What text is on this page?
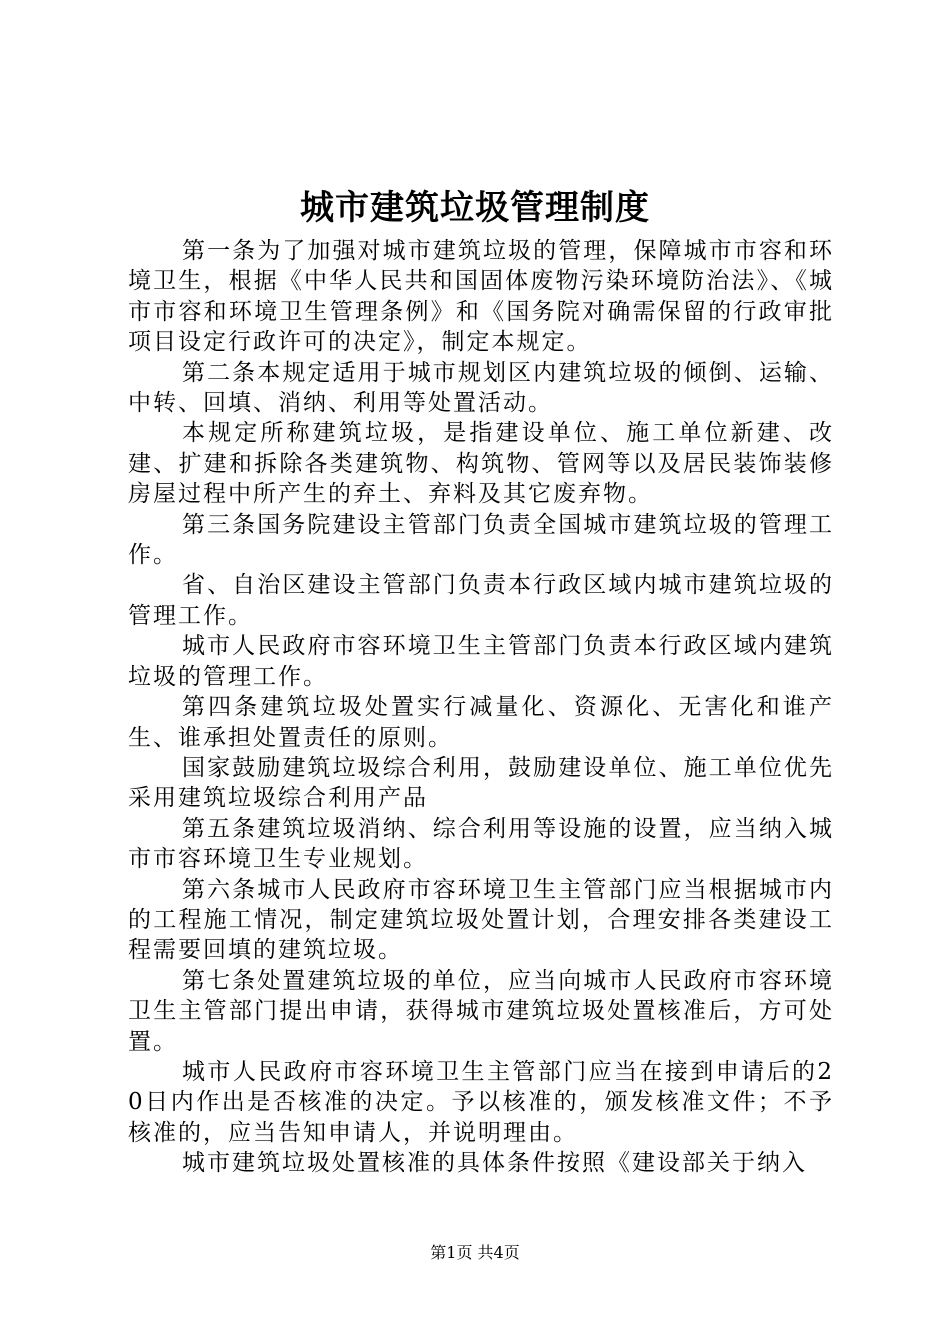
城市建筑垃圾管理制度

第一条为了加强对城市建筑垃圾的管理，保障城市市容和环境卫生，根据《中华人民共和国固体废物污染环境防治法》、《城市市容和环境卫生管理条例》和《国务院对确需保留的行政审批项目设定行政许可的决定》，制定本规定。

第二条本规定适用于城市规划区内建筑垃圾的倾倒、运输、中转、回填、消纳、利用等处置活动。

本规定所称建筑垃圾，是指建设单位、施工单位新建、改建、扩建和拆除各类建筑物、构筑物、管网等以及居民装饰装修房屋过程中所产生的弃土、弃料及其它废弃物。

第三条国务院建设主管部门负责全国城市建筑垃圾的管理工作。

省、自治区建设主管部门负责本行政区域内城市建筑垃圾的管理工作。

城市人民政府市容环境卫生主管部门负责本行政区域内建筑垃圾的管理工作。

第四条建筑垃圾处置实行减量化、资源化、无害化和谁产生、谁承担处置责任的原则。

国家鼓励建筑垃圾综合利用，鼓励建设单位、施工单位优先采用建筑垃圾综合利用产品

第五条建筑垃圾消纳、综合利用等设施的设置，应当纳入城市市容环境卫生专业规划。

第六条城市人民政府市容环境卫生主管部门应当根据城市内的工程施工情况，制定建筑垃圾处置计划，合理安排各类建设工程需要回填的建筑垃圾。

第七条处置建筑垃圾的单位，应当向城市人民政府市容环境卫生主管部门提出申请，获得城市建筑垃圾处置核准后，方可处置。

城市人民政府市容环境卫生主管部门应当在接到申请后的20日内作出是否核准的决定。予以核准的，颁发核准文件；不予核准的，应当告知申请人，并说明理由。

城市建筑垃圾处置核准的具体条件按照《建设部关于纳入

第1页 共4页
